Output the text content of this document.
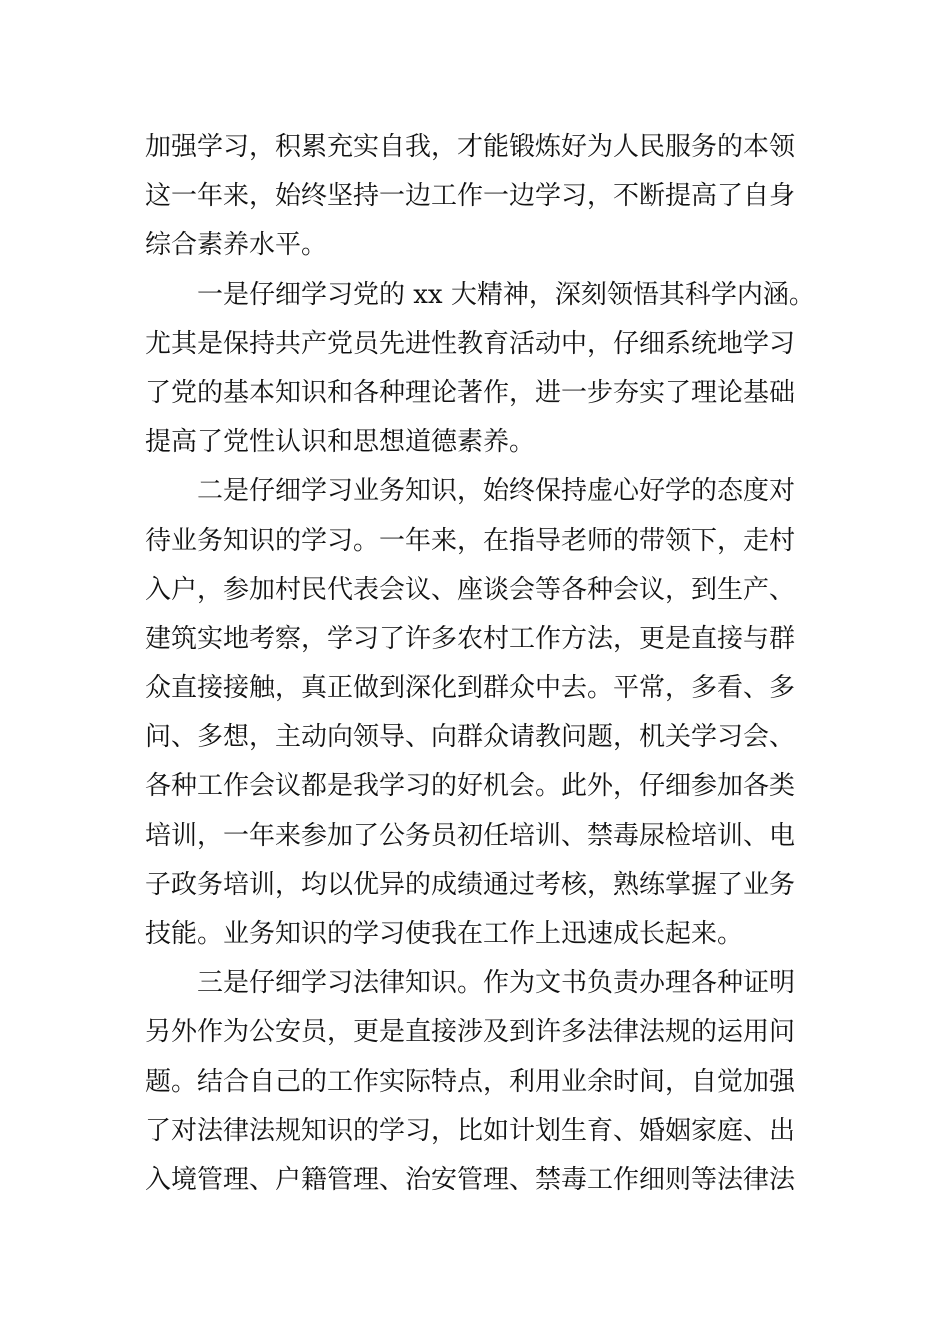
加强学习，积累充实自我，才能锻炼好为人民服务的本领
这一年来，始终坚持一边工作一边学习，不断提高了自身
综合素养水平。
一是仔细学习党的 xx 大精神，深刻领悟其科学内涵。
尤其是保持共产党员先进性教育活动中，仔细系统地学习
了党的基本知识和各种理论著作，进一步夯实了理论基础
提高了党性认识和思想道德素养。
二是仔细学习业务知识，始终保持虚心好学的态度对
待业务知识的学习。一年来，在指导老师的带领下，走村
入户，参加村民代表会议、座谈会等各种会议，到生产、
建筑实地考察，学习了许多农村工作方法，更是直接与群
众直接接触，真正做到深化到群众中去。平常，多看、多
问、多想，主动向领导、向群众请教问题，机关学习会、
各种工作会议都是我学习的好机会。此外，仔细参加各类
培训，一年来参加了公务员初任培训、禁毒尿检培训、电
子政务培训，均以优异的成绩通过考核，熟练掌握了业务
技能。业务知识的学习使我在工作上迅速成长起来。
三是仔细学习法律知识。作为文书负责办理各种证明
另外作为公安员，更是直接涉及到许多法律法规的运用问
题。结合自己的工作实际特点，利用业余时间，自觉加强
了对法律法规知识的学习，比如计划生育、婚姻家庭、出
入境管理、户籍管理、治安管理、禁毒工作细则等法律法
